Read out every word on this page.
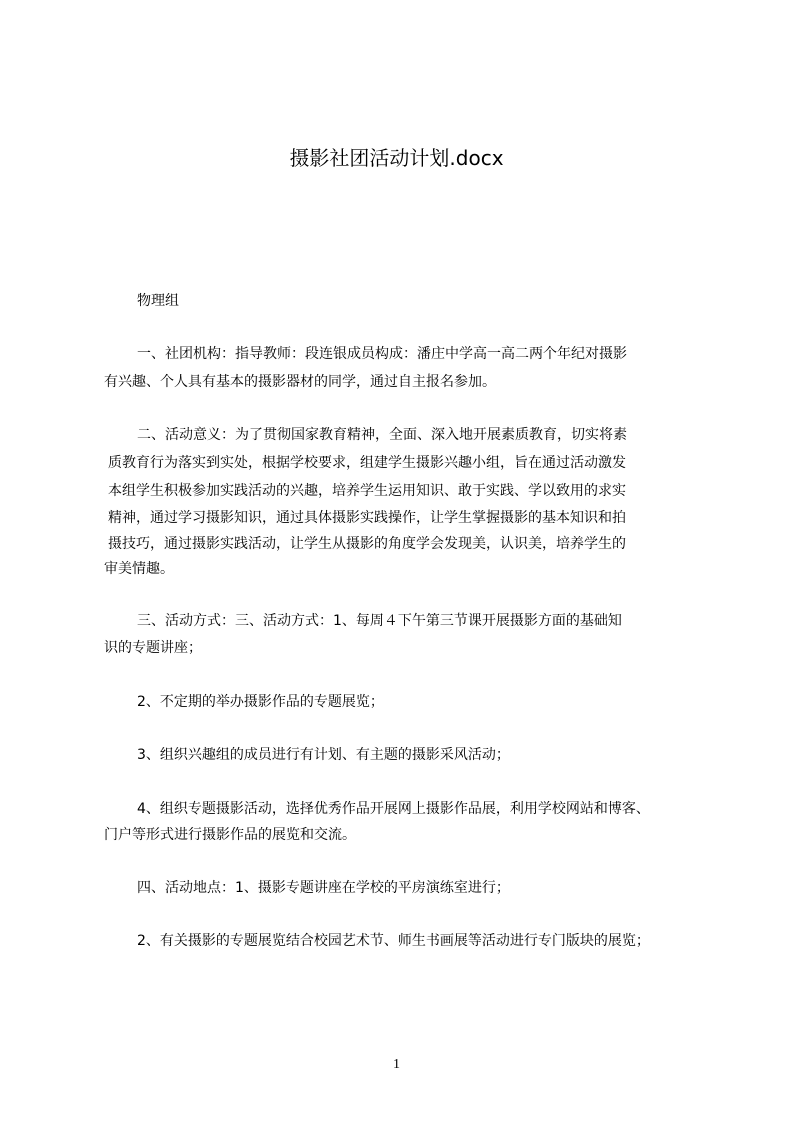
摄影社团活动计划.docx

物理组

一、社团机构：指导教师：段连银成员构成：潘庄中学高一高二两个年纪对摄影

有兴趣、个人具有基本的摄影器材的同学，通过自主报名参加。

二、活动意义：为了贯彻国家教育精神，全面、深入地开展素质教育，切实将素

质教育行为落实到实处，根据学校要求，组建学生摄影兴趣小组，旨在通过活动激发

本组学生积极参加实践活动的兴趣，培养学生运用知识、敢于实践、学以致用的求实

精神，通过学习摄影知识，通过具体摄影实践操作，让学生掌握摄影的基本知识和拍

摄技巧，通过摄影实践活动，让学生从摄影的角度学会发现美，认识美，培养学生的

审美情趣。

三、活动方式：三、活动方式：1、每周４下午第三节课开展摄影方面的基础知

识的专题讲座；

2、不定期的举办摄影作品的专题展览；

3、组织兴趣组的成员进行有计划、有主题的摄影采风活动；

4、组织专题摄影活动，选择优秀作品开展网上摄影作品展，利用学校网站和博客、

门户等形式进行摄影作品的展览和交流。

四、活动地点：1、摄影专题讲座在学校的平房演练室进行；

2、有关摄影的专题展览结合校园艺术节、师生书画展等活动进行专门版块的展览；

1
